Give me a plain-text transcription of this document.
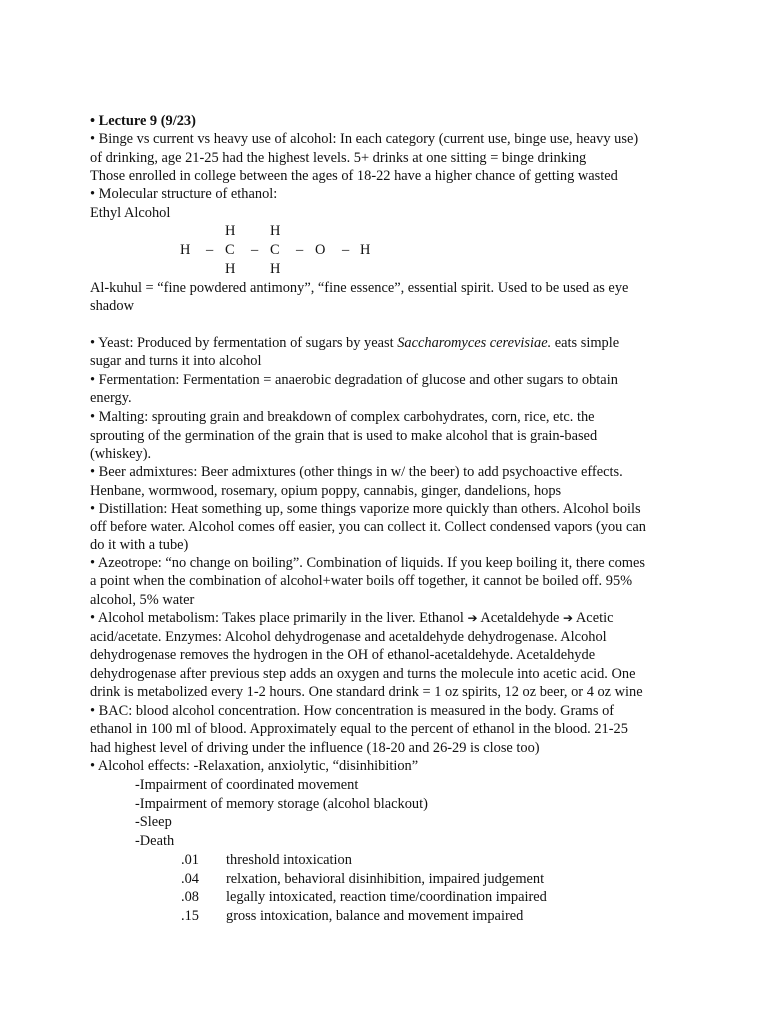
• Lecture 9 (9/23)
• Binge vs current vs heavy use of alcohol: In each category (current use, binge use, heavy use)
of drinking, age 21-25 had the highest levels. 5+ drinks at one sitting = binge drinking
Those enrolled in college between the ages of 18-22 have a higher chance of getting wasted
• Molecular structure of ethanol:
Ethyl Alcohol
H H
H – C – C – O – H
H H
Al-kuhul = “fine powdered antimony”, “fine essence”, essential spirit. Used to be used as eye
shadow
• Yeast: Produced by fermentation of sugars by yeast Saccharomyces cerevisiae. eats simple
sugar and turns it into alcohol
• Fermentation: Fermentation = anaerobic degradation of glucose and other sugars to obtain
energy.
• Malting: sprouting grain and breakdown of complex carbohydrates, corn, rice, etc. the
sprouting of the germination of the grain that is used to make alcohol that is grain-based
(whiskey).
• Beer admixtures: Beer admixtures (other things in w/ the beer) to add psychoactive effects.
Henbane, wormwood, rosemary, opium poppy, cannabis, ginger, dandelions, hops
• Distillation: Heat something up, some things vaporize more quickly than others. Alcohol boils
off before water. Alcohol comes off easier, you can collect it. Collect condensed vapors (you can
do it with a tube)
• Azeotrope: “no change on boiling”. Combination of liquids. If you keep boiling it, there comes
a point when the combination of alcohol+water boils off together, it cannot be boiled off. 95%
alcohol, 5% water
• Alcohol metabolism: Takes place primarily in the liver. Ethanol ➔ Acetaldehyde ➔ Acetic
acid/acetate. Enzymes: Alcohol dehydrogenase and acetaldehyde dehydrogenase. Alcohol
dehydrogenase removes the hydrogen in the OH of ethanol-acetaldehyde. Acetaldehyde
dehydrogenase after previous step adds an oxygen and turns the molecule into acetic acid. One
drink is metabolized every 1-2 hours. One standard drink = 1 oz spirits, 12 oz beer, or 4 oz wine
• BAC: blood alcohol concentration. How concentration is measured in the body. Grams of
ethanol in 100 ml of blood. Approximately equal to the percent of ethanol in the blood. 21-25
had highest level of driving under the influence (18-20 and 26-29 is close too)
• Alcohol effects: -Relaxation, anxiolytic, “disinhibition”
-Impairment of coordinated movement
-Impairment of memory storage (alcohol blackout)
-Sleep
-Death
.01 threshold intoxication
.04 relxation, behavioral disinhibition, impaired judgement
.08 legally intoxicated, reaction time/coordination impaired
.15 gross intoxication, balance and movement impaired
